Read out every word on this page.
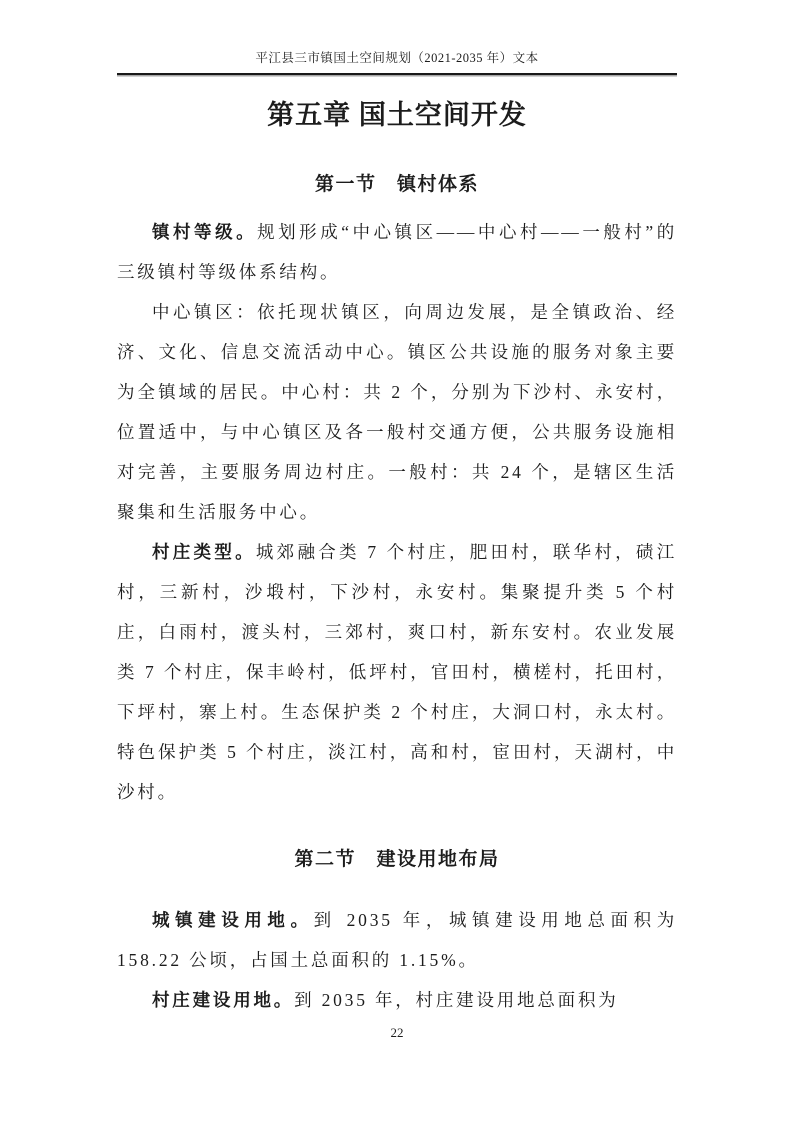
平江县三市镇国土空间规划（2021-2035 年）文本
第五章 国土空间开发
第一节　镇村体系

镇村等级。规划形成“中心镇区——中心村——一般村”的三级镇村等级体系结构。

中心镇区：依托现状镇区，向周边发展，是全镇政治、经济、文化、信息交流活动中心。镇区公共设施的服务对象主要为全镇域的居民。中心村：共 2 个，分别为下沙村、永安村，位置适中，与中心镇区及各一般村交通方便，公共服务设施相对完善，主要服务周边村庄。一般村：共 24 个，是辖区生活聚集和生活服务中心。

村庄类型。城郊融合类 7 个村庄，肥田村，联华村，碛江村，三新村，沙塅村，下沙村，永安村。集聚提升类 5 个村庄，白雨村，渡头村，三郊村，爽口村，新东安村。农业发展类 7 个村庄，保丰岭村，低坪村，官田村，横槎村，托田村，下坪村，寨上村。生态保护类 2 个村庄，大洞口村，永太村。特色保护类 5 个村庄，淡江村，高和村，宦田村，天湖村，中沙村。

第二节　建设用地布局

城镇建设用地。到 2035 年，城镇建设用地总面积为 158.22 公顷，占国土总面积的 1.15%。

村庄建设用地。到 2035 年，村庄建设用地总面积为

22
